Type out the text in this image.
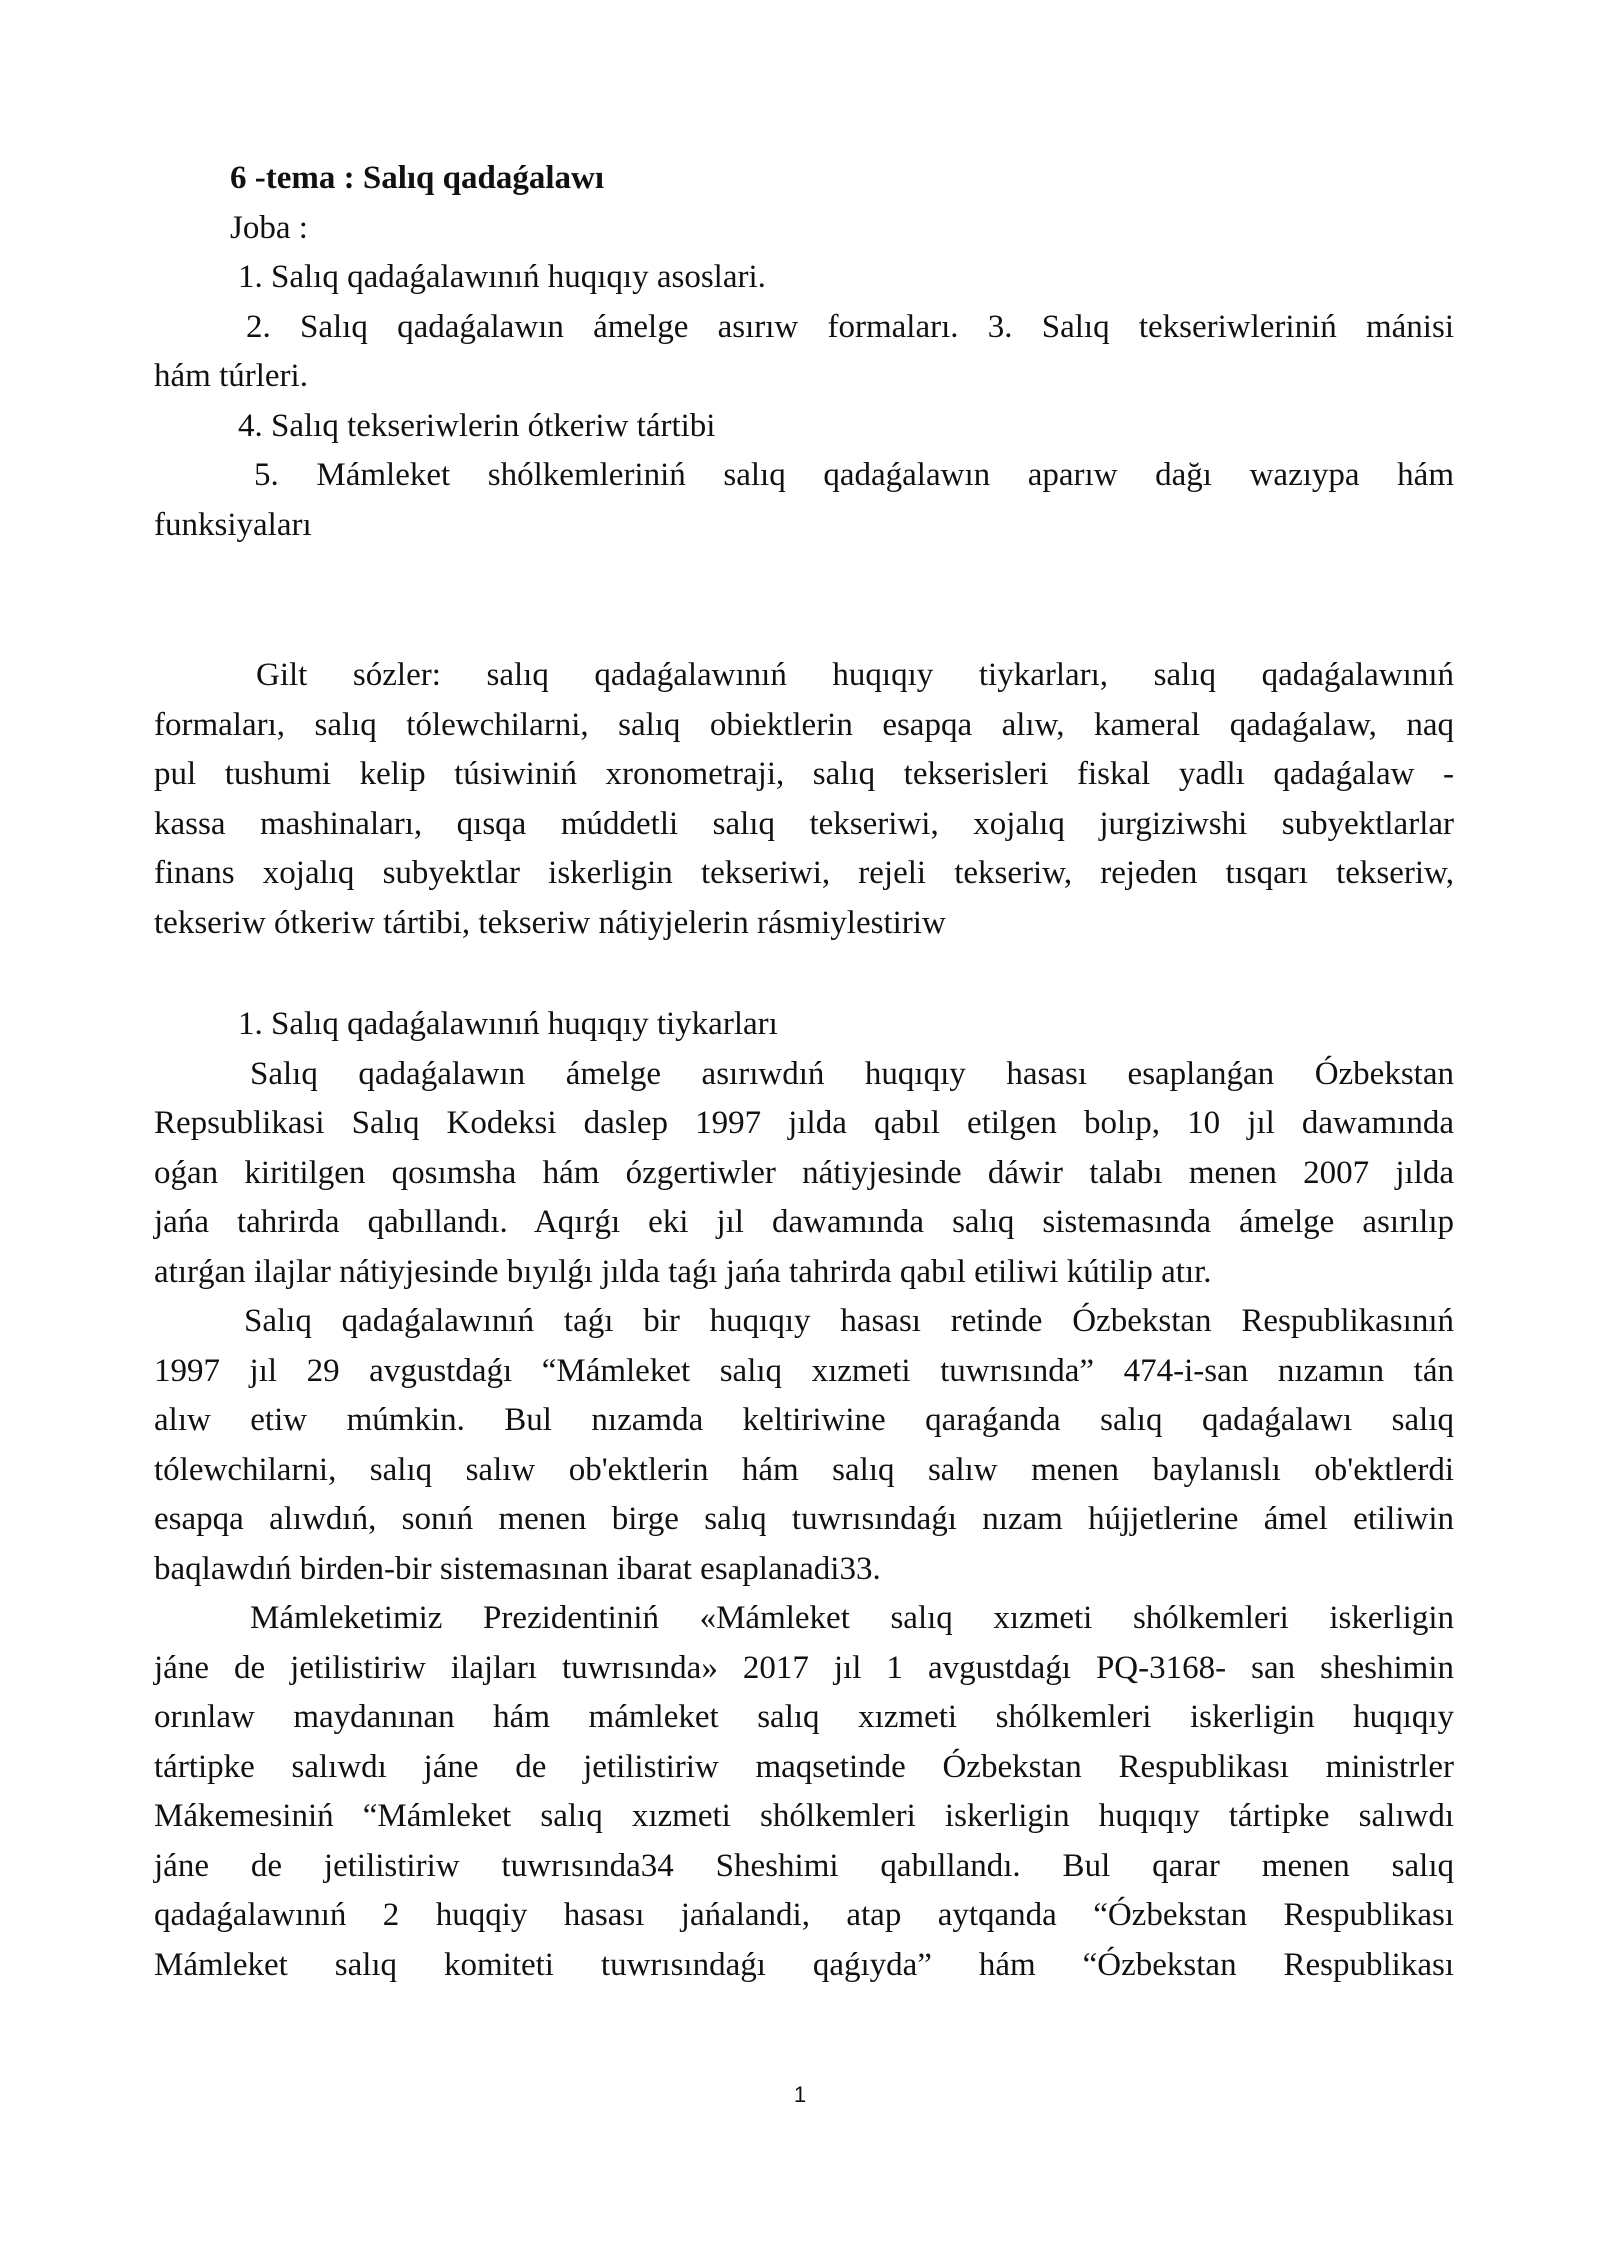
6 -tema : Salıq qadaǵalawı
Joba :
1. Salıq qadaǵalawınıń huqıqıy asoslari.
2. Salıq qadaǵalawın ámelge asırıw formaları. 3. Salıq tekseriwleriniń mánisi
hám túrleri.
4. Salıq tekseriwlerin ótkeriw tártibi
5. Mámleket shólkemleriniń salıq qadaǵalawın aparıw dağı wazıypa hám
funksiyaları
Gilt sózler: salıq qadaǵalawınıń huqıqıy tiykarları, salıq qadaǵalawınıń
formaları, salıq tólewchilarni, salıq obiektlerin esapqa alıw, kameral qadaǵalaw, naq
pul tushumi kelip túsiwiniń xronometraji, salıq tekserisleri fiskal yadlı qadaǵalaw -
kassa mashinaları, qısqa múddetli salıq tekseriwi, xojalıq jurgiziwshi subyektlarlar
finans xojalıq subyektlar iskerligin tekseriwi, rejeli tekseriw, rejeden tısqarı tekseriw,
tekseriw ótkeriw tártibi, tekseriw nátiyjelerin rásmiylestiriw
1. Salıq qadaǵalawınıń huqıqıy tiykarları
Salıq qadaǵalawın ámelge asırıwdıń huqıqıy hasası esaplanǵan Ózbekstan
Repsublikasi Salıq Kodeksi daslep 1997 jılda qabıl etilgen bolıp, 10 jıl dawamında
oǵan kiritilgen qosımsha hám ózgertiwler nátiyjesinde dáwir talabı menen 2007 jılda
jańa tahrirda qabıllandı. Aqırǵı eki jıl dawamında salıq sistemasında ámelge asırılıp
atırǵan ilajlar nátiyjesinde bıyılǵı jılda taǵı jańa tahrirda qabıl etiliwi kútilip atır.
Salıq qadaǵalawınıń taǵı bir huqıqıy hasası retinde Ózbekstan Respublikasınıń
1997 jıl 29 avgustdaǵı “Mámleket salıq xızmeti tuwrısında” 474-i-san nızamın tán
alıw etiw múmkin. Bul nızamda keltiriwine qaraǵanda salıq qadaǵalawı salıq
tólewchilarni, salıq salıw ob'ektlerin hám salıq salıw menen baylanıslı ob'ektlerdi
esapqa alıwdıń, sonıń menen birge salıq tuwrısındaǵı nızam hújjetlerine ámel etiliwin
baqlawdıń birden-bir sistemasınan ibarat esaplanadi33.
Mámleketimiz Prezidentiniń «Mámleket salıq xızmeti shólkemleri iskerligin
jáne de jetilistiriw ilajları tuwrısında» 2017 jıl 1 avgustdaǵı PQ-3168- san sheshimin
orınlaw maydanınan hám mámleket salıq xızmeti shólkemleri iskerligin huqıqıy
tártipke salıwdı jáne de jetilistiriw maqsetinde Ózbekstan Respublikası ministrler
Mákemesiniń “Mámleket salıq xızmeti shólkemleri iskerligin huqıqıy tártipke salıwdı
jáne de jetilistiriw tuwrısında34 Sheshimi qabıllandı. Bul qarar menen salıq
qadaǵalawınıń 2 huqqiy hasası jańalandi, atap aytqanda “Ózbekstan Respublikası
Mámleket salıq komiteti tuwrısındaǵı qaǵıyda” hám “Ózbekstan Respublikası
1
